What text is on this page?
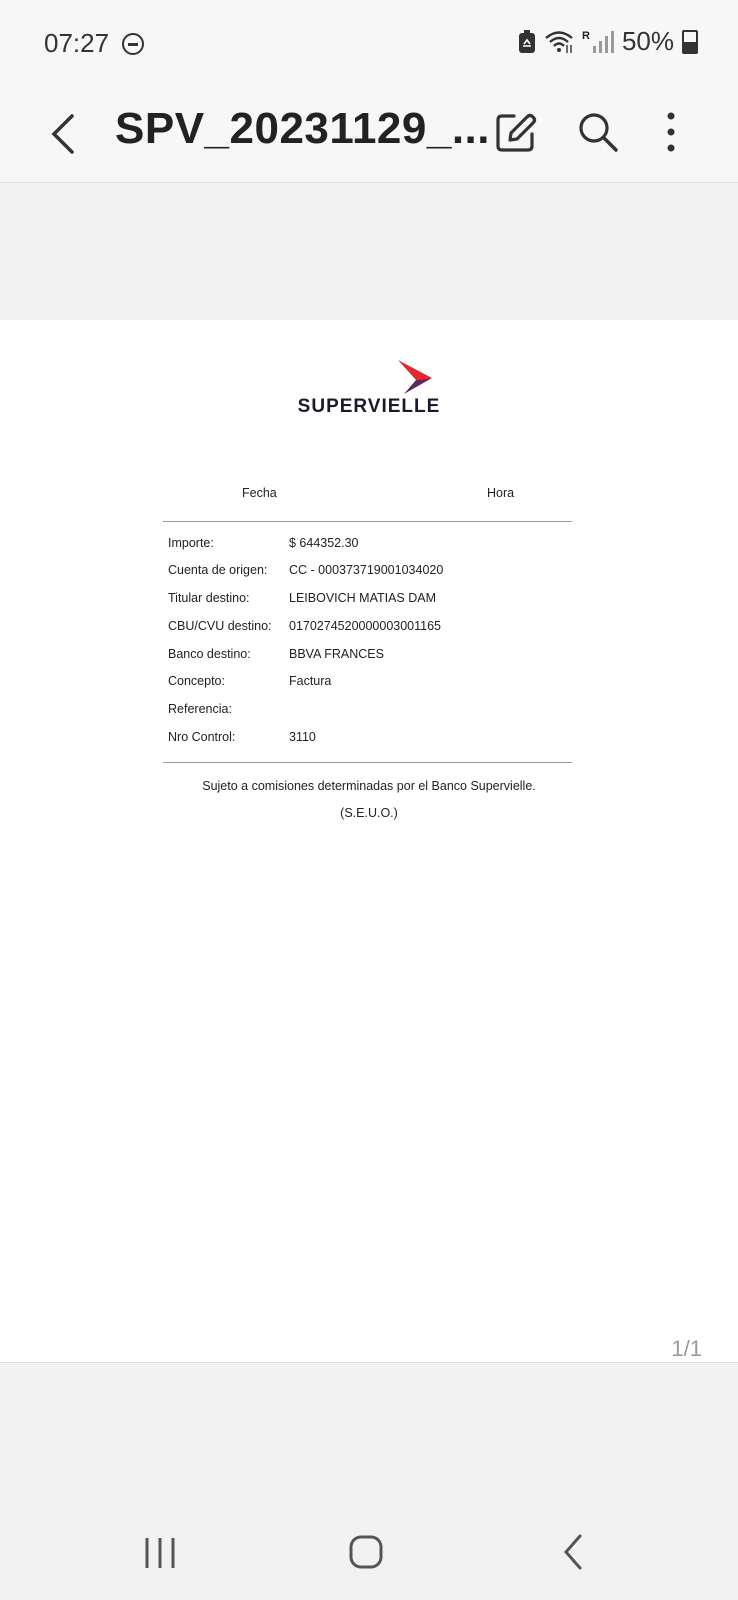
07:27	R 50%
SPV_20231129_...
SUPERVIELLE
Fecha	Hora
Importe:	$ 644352.30
Cuenta de origen: CC - 000373719001034020
Titular destino:	LEIBOVICH MATIAS DAM
CBU/CVU destino: 0170274520000003001165
Banco destino:	BBVA FRANCES
Concepto:	Factura
Referencia:
Nro Control:	3110
Sujeto a comisiones determinadas por el Banco Supervielle.
(S.E.U.O.)
1/1
